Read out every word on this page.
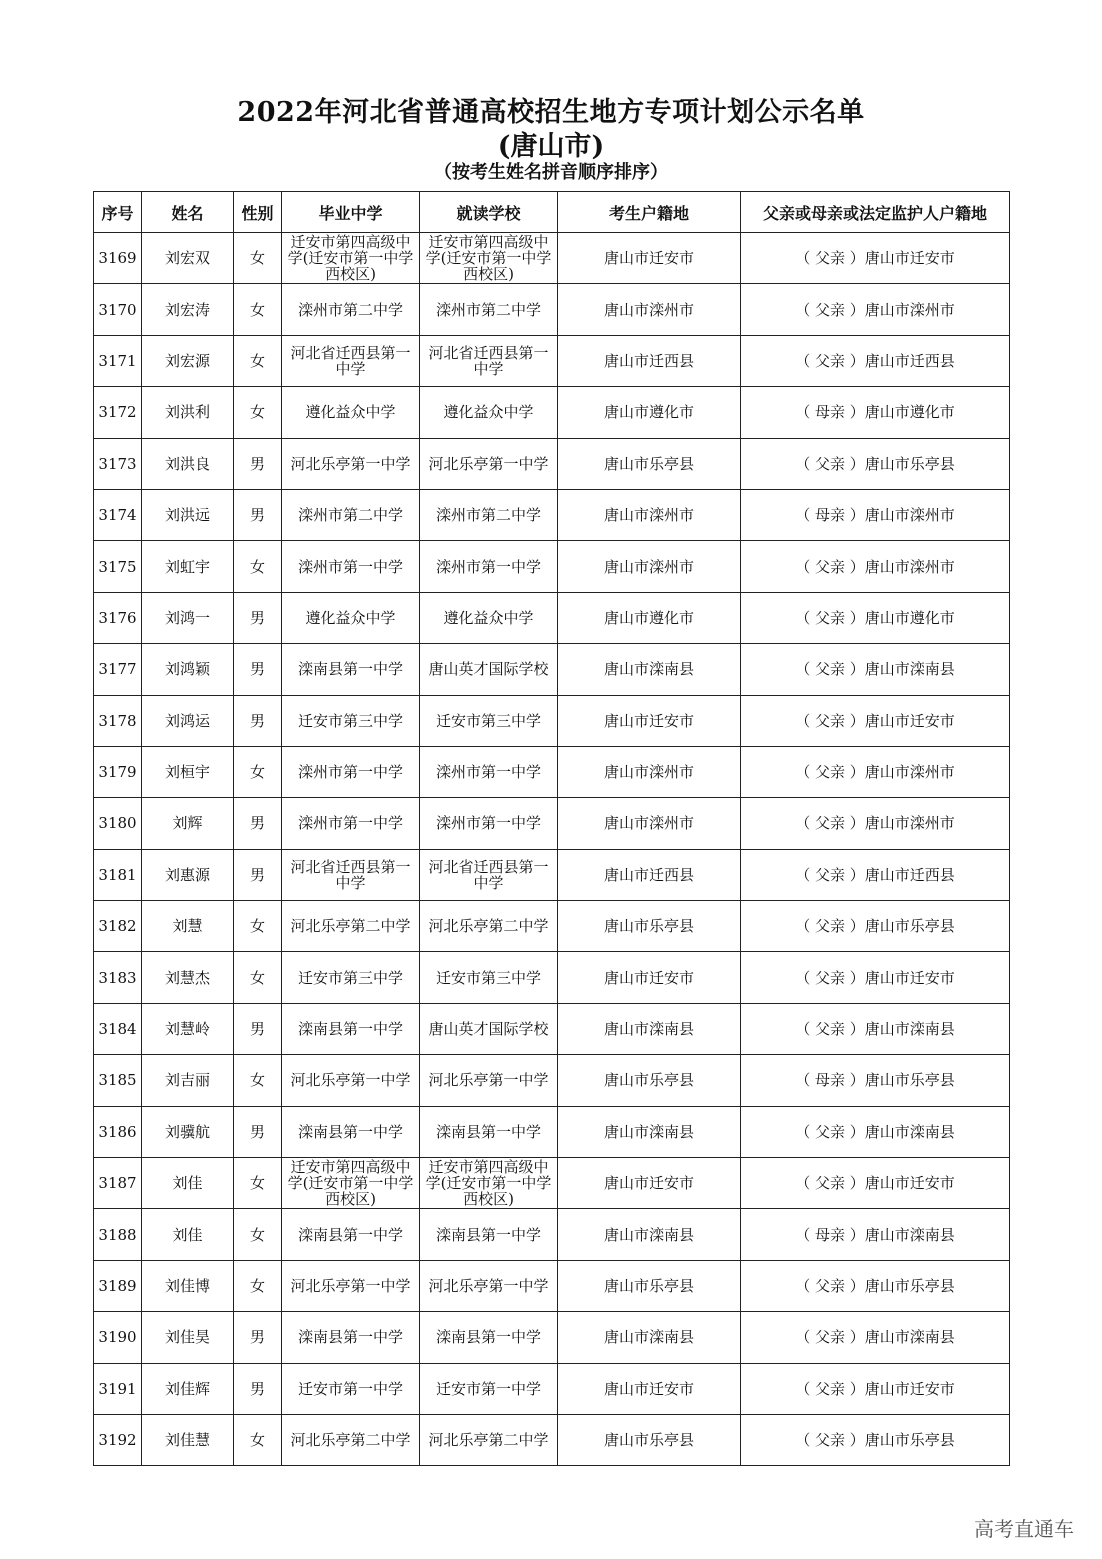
2022年河北省普通高校招生地方专项计划公示名单
(唐山市)
（按考生姓名拼音顺序排序）
序号	姓名	性别	毕业中学	就读学校	考生户籍地	父亲或母亲或法定监护人户籍地
3169	刘宏双	女	迁安市第四高级中学(迁安市第一中学西校区)	迁安市第四高级中学(迁安市第一中学西校区)	唐山市迁安市	（ 父亲 ）唐山市迁安市
3170	刘宏涛	女	滦州市第二中学	滦州市第二中学	唐山市滦州市	（ 父亲 ）唐山市滦州市
3171	刘宏源	女	河北省迁西县第一中学	河北省迁西县第一中学	唐山市迁西县	（ 父亲 ）唐山市迁西县
3172	刘洪利	女	遵化益众中学	遵化益众中学	唐山市遵化市	（ 母亲 ）唐山市遵化市
3173	刘洪良	男	河北乐亭第一中学	河北乐亭第一中学	唐山市乐亭县	（ 父亲 ）唐山市乐亭县
3174	刘洪远	男	滦州市第二中学	滦州市第二中学	唐山市滦州市	（ 母亲 ）唐山市滦州市
3175	刘虹宇	女	滦州市第一中学	滦州市第一中学	唐山市滦州市	（ 父亲 ）唐山市滦州市
3176	刘鸿一	男	遵化益众中学	遵化益众中学	唐山市遵化市	（ 父亲 ）唐山市遵化市
3177	刘鸿颖	男	滦南县第一中学	唐山英才国际学校	唐山市滦南县	（ 父亲 ）唐山市滦南县
3178	刘鸿运	男	迁安市第三中学	迁安市第三中学	唐山市迁安市	（ 父亲 ）唐山市迁安市
3179	刘桓宇	女	滦州市第一中学	滦州市第一中学	唐山市滦州市	（ 父亲 ）唐山市滦州市
3180	刘辉	男	滦州市第一中学	滦州市第一中学	唐山市滦州市	（ 父亲 ）唐山市滦州市
3181	刘惠源	男	河北省迁西县第一中学	河北省迁西县第一中学	唐山市迁西县	（ 父亲 ）唐山市迁西县
3182	刘慧	女	河北乐亭第二中学	河北乐亭第二中学	唐山市乐亭县	（ 父亲 ）唐山市乐亭县
3183	刘慧杰	女	迁安市第三中学	迁安市第三中学	唐山市迁安市	（ 父亲 ）唐山市迁安市
3184	刘慧岭	男	滦南县第一中学	唐山英才国际学校	唐山市滦南县	（ 父亲 ）唐山市滦南县
3185	刘吉丽	女	河北乐亭第一中学	河北乐亭第一中学	唐山市乐亭县	（ 母亲 ）唐山市乐亭县
3186	刘骥航	男	滦南县第一中学	滦南县第一中学	唐山市滦南县	（ 父亲 ）唐山市滦南县
3187	刘佳	女	迁安市第四高级中学(迁安市第一中学西校区)	迁安市第四高级中学(迁安市第一中学西校区)	唐山市迁安市	（ 父亲 ）唐山市迁安市
3188	刘佳	女	滦南县第一中学	滦南县第一中学	唐山市滦南县	（ 母亲 ）唐山市滦南县
3189	刘佳博	女	河北乐亭第一中学	河北乐亭第一中学	唐山市乐亭县	（ 父亲 ）唐山市乐亭县
3190	刘佳昊	男	滦南县第一中学	滦南县第一中学	唐山市滦南县	（ 父亲 ）唐山市滦南县
3191	刘佳辉	男	迁安市第一中学	迁安市第一中学	唐山市迁安市	（ 父亲 ）唐山市迁安市
3192	刘佳慧	女	河北乐亭第二中学	河北乐亭第二中学	唐山市乐亭县	（ 父亲 ）唐山市乐亭县
高考直通车
